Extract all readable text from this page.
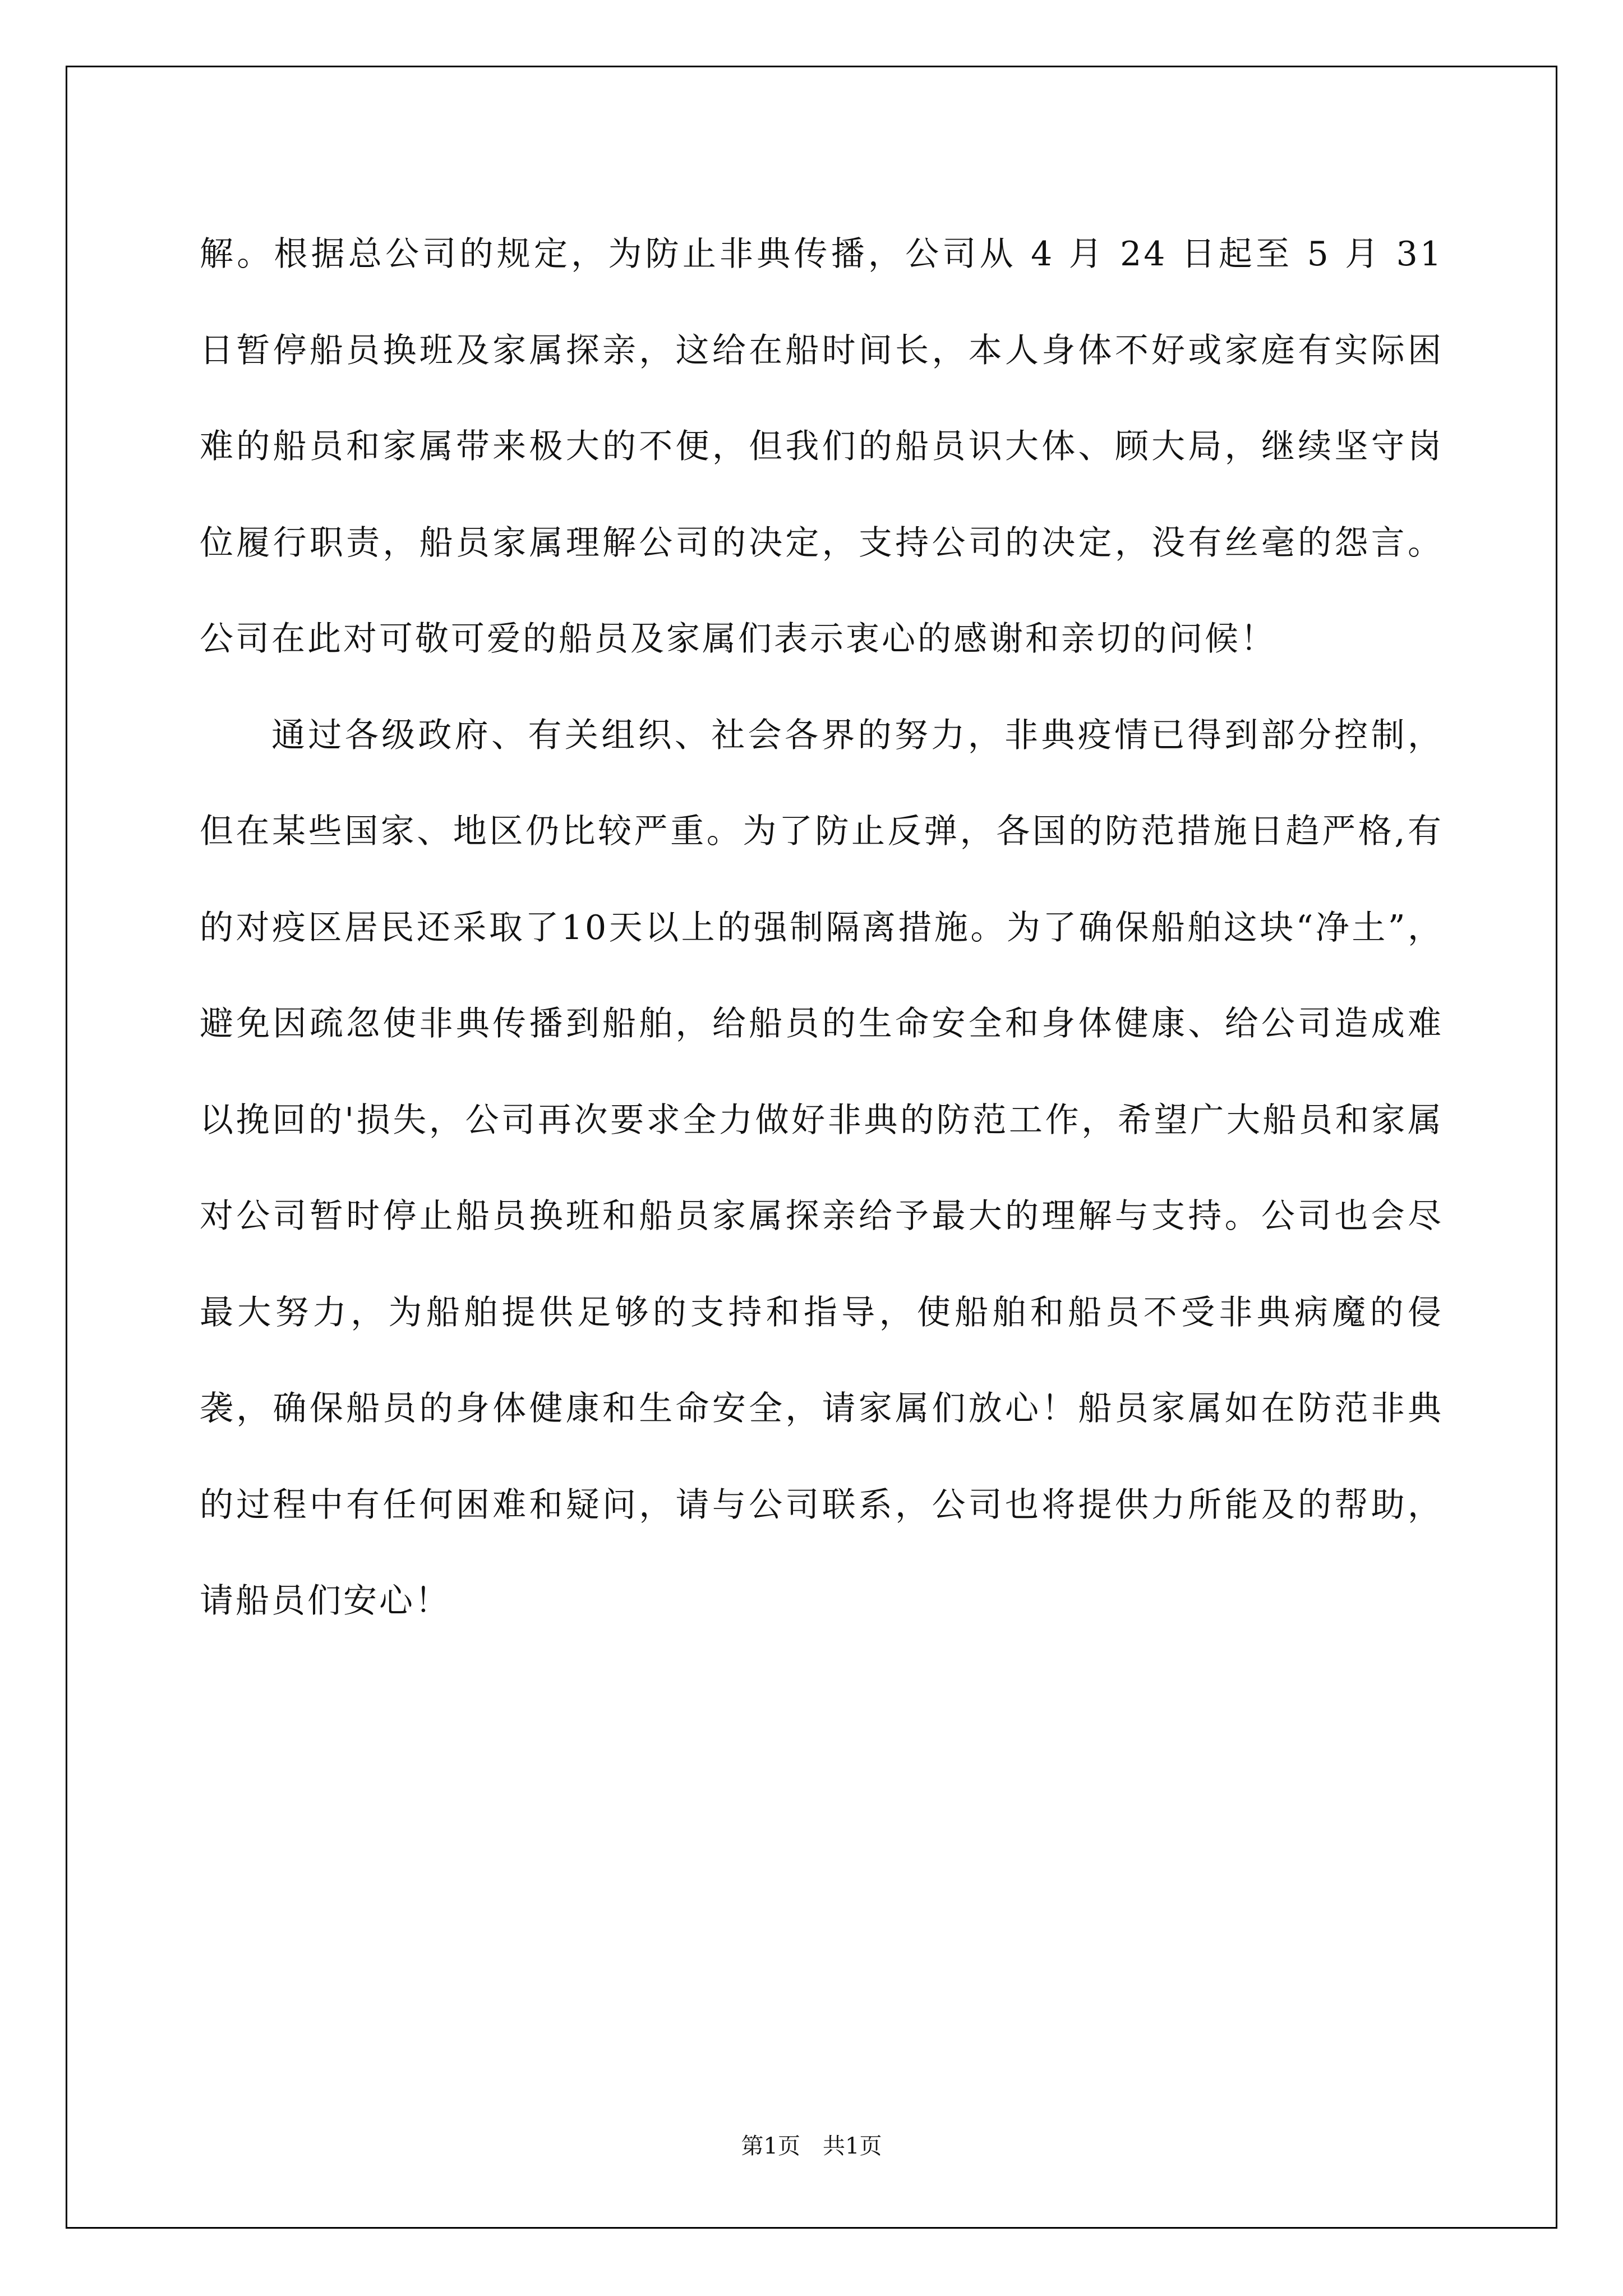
解。根据总公司的规定，为防止非典传播，公司从 4 月 24 日起至 5 月 31 日暂停船员换班及家属探亲，这给在船时间长，本人身体不好或家庭有实际困难的船员和家属带来极大的不便，但我们的船员识大体、顾大局，继续坚守岗位履行职责，船员家属理解公司的决定，支持公司的决定，没有丝毫的怨言。公司在此对可敬可爱的船员及家属们表示衷心的感谢和亲切的问候！

通过各级政府、有关组织、社会各界的努力，非典疫情已得到部分控制，但在某些国家、地区仍比较严重。为了防止反弹，各国的防范措施日趋严格,有的对疫区居民还采取了10天以上的强制隔离措施。为了确保船舶这块“净土”，避免因疏忽使非典传播到船舶，给船员的生命安全和身体健康、给公司造成难以挽回的'损失，公司再次要求全力做好非典的防范工作，希望广大船员和家属对公司暂时停止船员换班和船员家属探亲给予最大的理解与支持。公司也会尽最大努力，为船舶提供足够的支持和指导，使船舶和船员不受非典病魔的侵袭，确保船员的身体健康和生命安全，请家属们放心！船员家属如在防范非典的过程中有任何困难和疑问，请与公司联系，公司也将提供力所能及的帮助，请船员们安心！

第1页　共1页
